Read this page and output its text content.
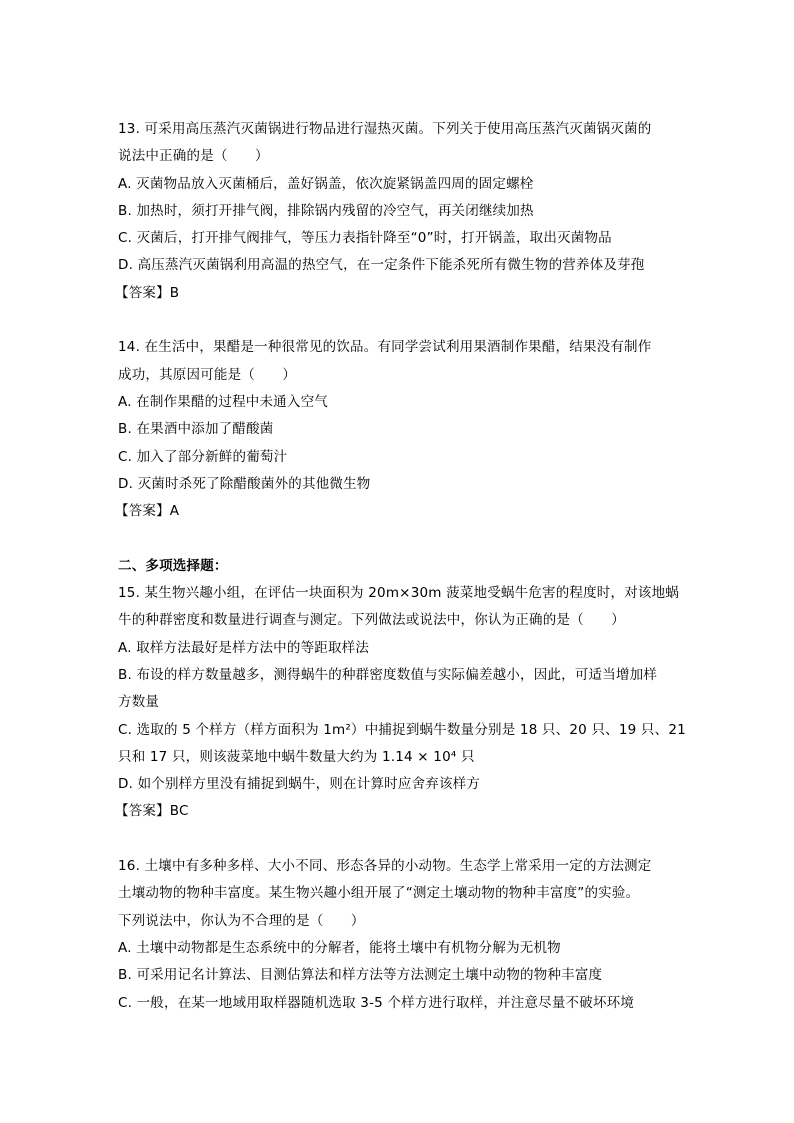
13. 可采用高压蒸汽灭菌锅进行物品进行湿热灭菌。下列关于使用高压蒸汽灭菌锅灭菌的
说法中正确的是（　　）
A. 灭菌物品放入灭菌桶后，盖好锅盖，依次旋紧锅盖四周的固定螺栓
B. 加热时，须打开排气阀，排除锅内残留的冷空气，再关闭继续加热
C. 灭菌后，打开排气阀排气，等压力表指针降至“0”时，打开锅盖，取出灭菌物品
D. 高压蒸汽灭菌锅利用高温的热空气，在一定条件下能杀死所有微生物的营养体及芽孢
【答案】B
14. 在生活中，果醋是一种很常见的饮品。有同学尝试利用果酒制作果醋，结果没有制作
成功，其原因可能是（　　）
A. 在制作果醋的过程中未通入空气
B. 在果酒中添加了醋酸菌
C. 加入了部分新鲜的葡萄汁
D. 灭菌时杀死了除醋酸菌外的其他微生物
【答案】A
二、多项选择题：
15. 某生物兴趣小组，在评估一块面积为 20m×30m 菠菜地受蜗牛危害的程度时，对该地蜗
牛的种群密度和数量进行调查与测定。下列做法或说法中，你认为正确的是（　　）
A. 取样方法最好是样方法中的等距取样法
B. 布设的样方数量越多，测得蜗牛的种群密度数值与实际偏差越小，因此，可适当增加样
方数量
C. 选取的 5 个样方（样方面积为 1m²）中捕捉到蜗牛数量分别是 18 只、20 只、19 只、21
只和 17 只，则该菠菜地中蜗牛数量大约为 1.14 × 10⁴ 只
D. 如个别样方里没有捕捉到蜗牛，则在计算时应舍弃该样方
【答案】BC
16. 土壤中有多种多样、大小不同、形态各异的小动物。生态学上常采用一定的方法测定
土壤动物的物种丰富度。某生物兴趣小组开展了“测定土壤动物的物种丰富度”的实验。
下列说法中，你认为不合理的是（　　）
A. 土壤中动物都是生态系统中的分解者，能将土壤中有机物分解为无机物
B. 可采用记名计算法、目测估算法和样方法等方法测定土壤中动物的物种丰富度
C. 一般，在某一地域用取样器随机选取 3-5 个样方进行取样，并注意尽量不破坏环境
